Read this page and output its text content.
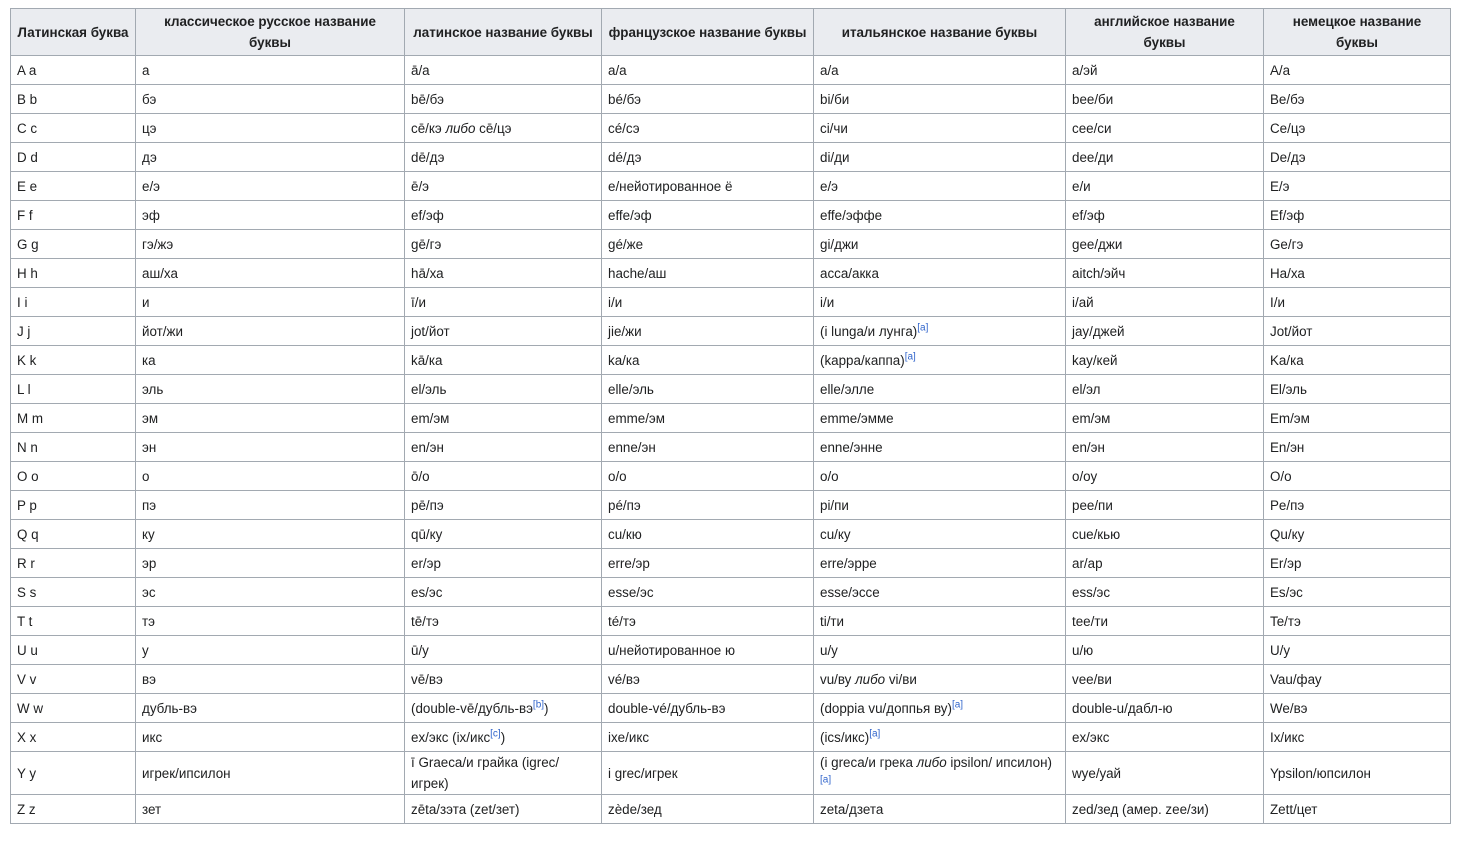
Латинская буква	классическое русское название буквы	латинское название буквы	французское название буквы	итальянское название буквы	английское название буквы	немецкое название буквы
A a	а	ā/а	a/а	a/а	a/эй	A/а
B b	бэ	bē/бэ	bé/бэ	bi/би	bee/би	Be/бэ
C c	цэ	cē/кэ либо cē/цэ	cé/сэ	ci/чи	cee/си	Ce/цэ
D d	дэ	dē/дэ	dé/дэ	di/ди	dee/ди	De/дэ
E e	е/э	ē/э	e/нейотированное ё	e/э	e/и	E/э
F f	эф	ef/эф	effe/эф	effe/эффе	ef/эф	Ef/эф
G g	гэ/жэ	gē/гэ	gé/же	gi/джи	gee/джи	Ge/гэ
H h	аш/ха	hā/ха	hache/аш	acca/акка	aitch/эйч	Ha/ха
I i	и	ī/и	i/и	i/и	i/ай	I/и
J j	йот/жи	jot/йот	jie/жи	(i lunga/и лунга)[a]	jay/джей	Jot/йот
K k	ка	kā/ка	ka/ка	(kappa/каппа)[a]	kay/кей	Ka/ка
L l	эль	el/эль	elle/эль	elle/элле	el/эл	El/эль
M m	эм	em/эм	emme/эм	emme/эмме	em/эм	Em/эм
N n	эн	en/эн	enne/эн	enne/энне	en/эн	En/эн
O o	о	ō/о	o/о	o/о	o/оу	O/о
P p	пэ	pē/пэ	pé/пэ	pi/пи	pee/пи	Pe/пэ
Q q	ку	qū/ку	cu/кю	cu/ку	cue/кью	Qu/ку
R r	эр	er/эр	erre/эр	erre/эрре	ar/ар	Er/эр
S s	эс	es/эс	esse/эс	esse/эссе	ess/эс	Es/эс
T t	тэ	tē/тэ	té/тэ	ti/ти	tee/ти	Te/тэ
U u	у	ū/у	u/нейотированное ю	u/у	u/ю	U/у
V v	вэ	vē/вэ	vé/вэ	vu/ву либо vi/ви	vee/ви	Vau/фау
W w	дубль-вэ	(double-vē/дубль-вэ[b])	double-vé/дубль-вэ	(doppia vu/доппья ву)[a]	double-u/дабл-ю	We/вэ
X x	икс	ex/экс (ix/икс[c])	ixe/икс	(ics/икс)[a]	ex/экс	Ix/икс
Y y	игрек/ипсилон	ī Graeca/и грайка (igrec/ игрек)	i grec/игрек	(i greca/и грека либо ipsilon/ ипсилон)[a]	wye/уай	Ypsilon/юпсилон
Z z	зет	zēta/зэта (zet/зет)	zède/зед	zeta/дзета	zed/зед (амер. zee/зи)	Zett/цет
